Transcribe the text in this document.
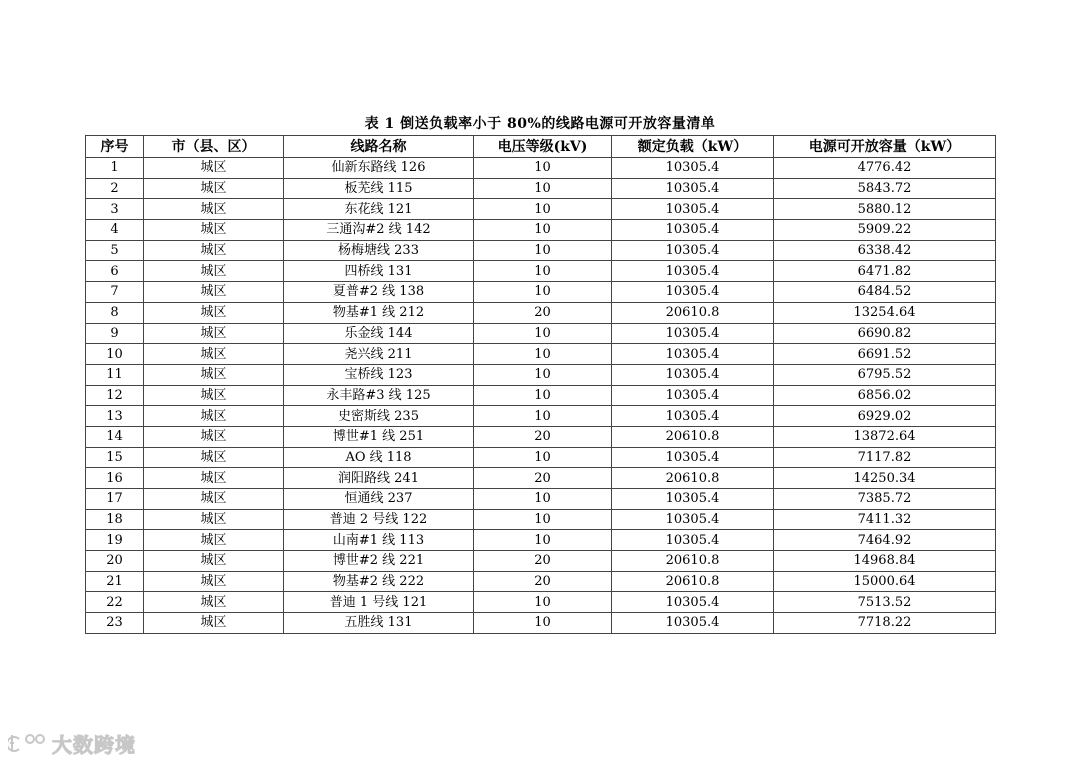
表 1 倒送负载率小于 80%的线路电源可开放容量清单
序号	市（县、区）	线路名称	电压等级(kV)	额定负载（kW）	电源可开放容量（kW）
1	城区	仙新东路线 126	10	10305.4	4776.42
2	城区	板芜线 115	10	10305.4	5843.72
3	城区	东花线 121	10	10305.4	5880.12
4	城区	三通沟#2 线 142	10	10305.4	5909.22
5	城区	杨梅塘线 233	10	10305.4	6338.42
6	城区	四桥线 131	10	10305.4	6471.82
7	城区	夏普#2 线 138	10	10305.4	6484.52
8	城区	物基#1 线 212	20	20610.8	13254.64
9	城区	乐金线 144	10	10305.4	6690.82
10	城区	尧兴线 211	10	10305.4	6691.52
11	城区	宝桥线 123	10	10305.4	6795.52
12	城区	永丰路#3 线 125	10	10305.4	6856.02
13	城区	史密斯线 235	10	10305.4	6929.02
14	城区	博世#1 线 251	20	20610.8	13872.64
15	城区	AO 线 118	10	10305.4	7117.82
16	城区	润阳路线 241	20	20610.8	14250.34
17	城区	恒通线 237	10	10305.4	7385.72
18	城区	普迪 2 号线 122	10	10305.4	7411.32
19	城区	山南#1 线 113	10	10305.4	7464.92
20	城区	博世#2 线 221	20	20610.8	14968.84
21	城区	物基#2 线 222	20	20610.8	15000.64
22	城区	普迪 1 号线 121	10	10305.4	7513.52
23	城区	五胜线 131	10	10305.4	7718.22
大数跨境
